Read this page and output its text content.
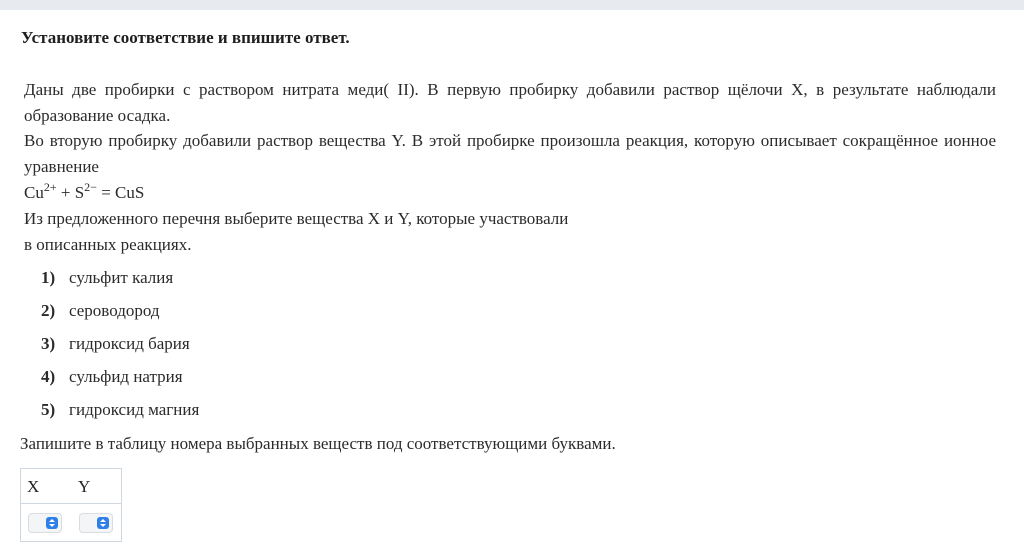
Установите соответствие и впишите ответ.
Даны две пробирки с раствором нитрата меди( II). В первую пробирку добавили раствор щёлочи X, в результате наблюдали образование осадка.
Во вторую пробирку добавили раствор вещества Y. В этой пробирке произошла реакция, которую описывает сокращённое ионное уравнение
$Cu^{2+} + S^{2-}$ = CuS
Из предложенного перечня выберите вещества X и Y, которые участвовали
в описанных реакциях.
1) сульфит калия
2) сероводород
3) гидроксид бария
4) сульфид натрия
5) гидроксид магния
Запишите в таблицу номера выбранных веществ под соответствующими буквами.
X Y
